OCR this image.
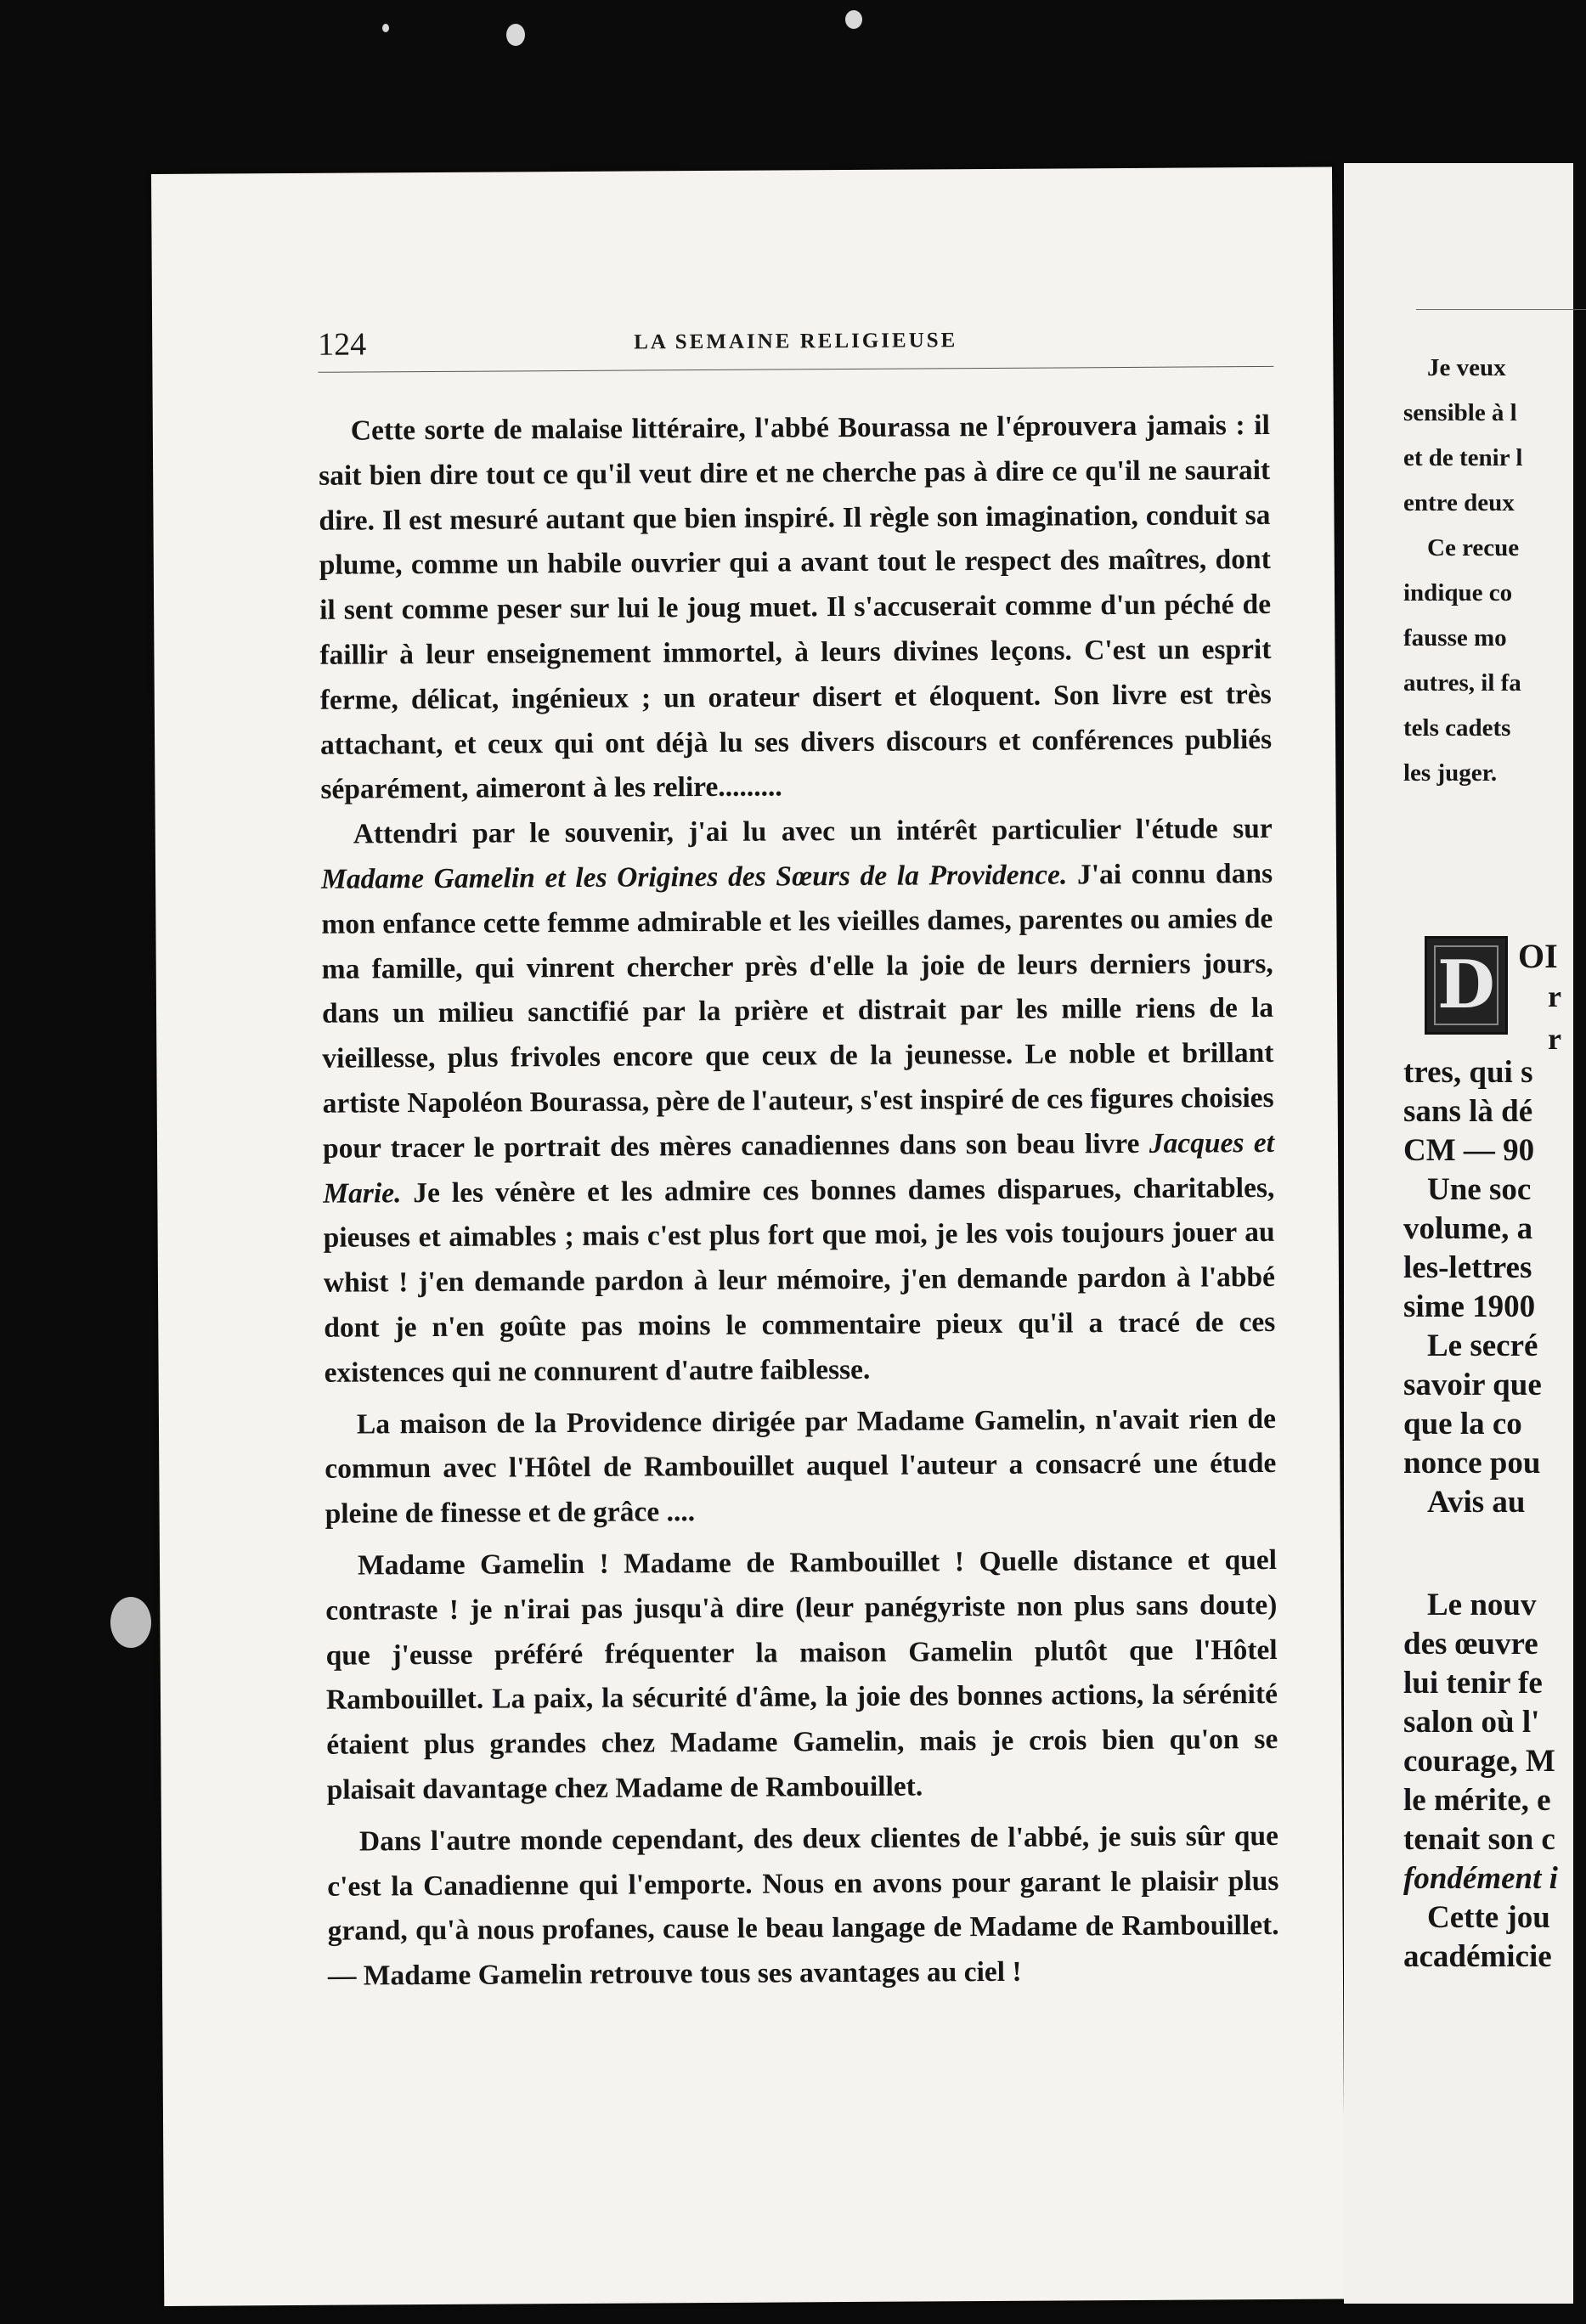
124	LA SEMAINE RELIGIEUSE

Cette sorte de malaise littéraire, l'abbé Bourassa ne l'éprouvera jamais : il sait bien dire tout ce qu'il veut dire et ne cherche pas à dire ce qu'il ne saurait dire. Il est mesuré autant que bien inspiré. Il règle son imagination, conduit sa plume, comme un habile ouvrier qui a avant tout le respect des maîtres, dont il sent comme peser sur lui le joug muet. Il s'accuserait comme d'un péché de faillir à leur enseignement immortel, à leurs divines leçons. C'est un esprit ferme, délicat, ingénieux ; un orateur disert et éloquent. Son livre est très attachant, et ceux qui ont déjà lu ses divers discours et conférences publiés séparément, aimeront à les relire.........

Attendri par le souvenir, j'ai lu avec un intérêt particulier l'étude sur Madame Gamelin et les Origines des Sœurs de la Providence. J'ai connu dans mon enfance cette femme admirable et les vieilles dames, parentes ou amies de ma famille, qui vinrent chercher près d'elle la joie de leurs derniers jours, dans un milieu sanctifié par la prière et distrait par les mille riens de la vieillesse, plus frivoles encore que ceux de la jeunesse. Le noble et brillant artiste Napoléon Bourassa, père de l'auteur, s'est inspiré de ces figures choisies pour tracer le portrait des mères canadiennes dans son beau livre Jacques et Marie. Je les vénère et les admire ces bonnes dames disparues, charitables, pieuses et aimables ; mais c'est plus fort que moi, je les vois toujours jouer au whist ! j'en demande pardon à leur mémoire, j'en demande pardon à l'abbé dont je n'en goûte pas moins le commentaire pieux qu'il a tracé de ces existences qui ne connurent d'autre faiblesse.

La maison de la Providence dirigée par Madame Gamelin, n'avait rien de commun avec l'Hôtel de Rambouillet auquel l'auteur a consacré une étude pleine de finesse et de grâce ....

Madame Gamelin ! Madame de Rambouillet ! Quelle distance et quel contraste ! je n'irai pas jusqu'à dire (leur panégyriste non plus sans doute) que j'eusse préféré fréquenter la maison Gamelin plutôt que l'Hôtel Rambouillet. La paix, la sécurité d'âme, la joie des bonnes actions, la sérénité étaient plus grandes chez Madame Gamelin, mais je crois bien qu'on se plaisait davantage chez Madame de Rambouillet.

Dans l'autre monde cependant, des deux clientes de l'abbé, je suis sûr que c'est la Canadienne qui l'emporte. Nous en avons pour garant le plaisir plus grand, qu'à nous profanes, cause le beau langage de Madame de Rambouillet. — Madame Gamelin retrouve tous ses avantages au ciel !

Je veux
sensible à l
et de tenir l
entre deux
Ce recue
indique co
fausse mo
autres, il fa
tels cadets
les juger.
D OI
r
r
tres, qui s
sans là dé
CM — 90
Une soc
volume, a
les-lettres
sime 1900
Le secré
savoir que
que la co
nonce pou
Avis au
Le nouv
des œuvre
lui tenir fe
salon où l'
courage, M
le mérite, e
tenait son c
fondément i
Cette jou
académicie
